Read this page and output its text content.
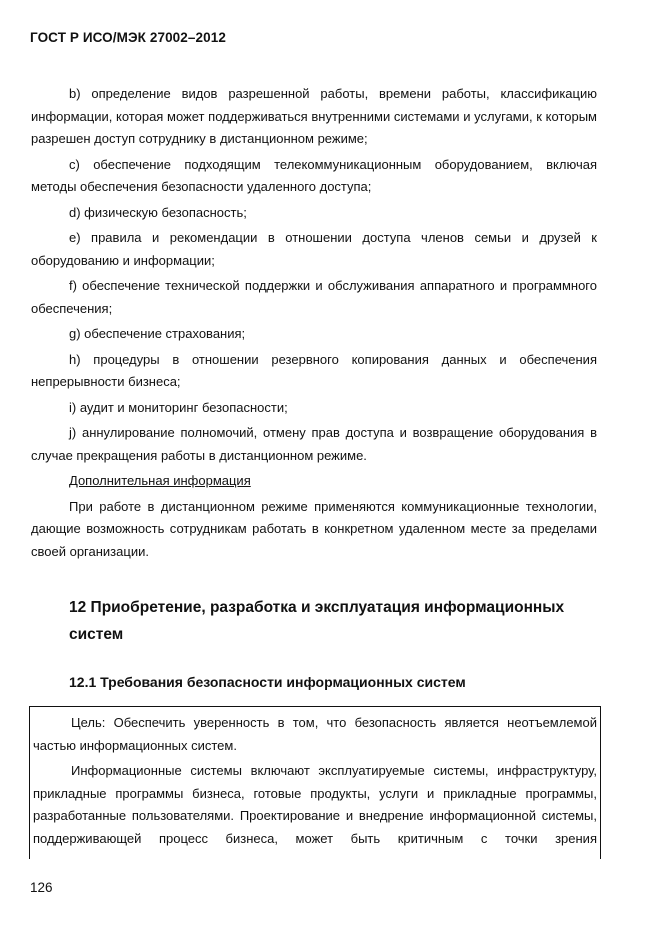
ГОСТ Р ИСО/МЭК 27002–2012

b) определение видов разрешенной работы, времени работы, классификацию информации, которая может поддерживаться внутренними системами и услугами, к которым разрешен доступ сотруднику в дистанционном режиме;

c) обеспечение подходящим телекоммуникационным оборудованием, включая методы обеспечения безопасности удаленного доступа;

d) физическую безопасность;

e) правила и рекомендации в отношении доступа членов семьи и друзей к оборудованию и информации;

f) обеспечение технической поддержки и обслуживания аппаратного и программного обеспечения;

g) обеспечение страхования;

h) процедуры в отношении резервного копирования данных и обеспечения непрерывности бизнеса;

i) аудит и мониторинг безопасности;

j) аннулирование полномочий, отмену прав доступа и возвращение оборудования в случае прекращения работы в дистанционном режиме.

Дополнительная информация

При работе в дистанционном режиме применяются коммуникационные технологии, дающие возможность сотрудникам работать в конкретном удаленном месте за пределами своей организации.

12 Приобретение, разработка и эксплуатация информационных систем
12.1 Требования безопасности информационных систем

Цель: Обеспечить уверенность в том, что безопасность является неотъемлемой частью информационных систем.

Информационные системы включают эксплуатируемые системы, инфраструктуру, прикладные программы бизнеса, готовые продукты, услуги и прикладные программы, разработанные пользователями. Проектирование и внедрение информационной системы, поддерживающей процесс бизнеса, может быть критичным с точки зрения

126
